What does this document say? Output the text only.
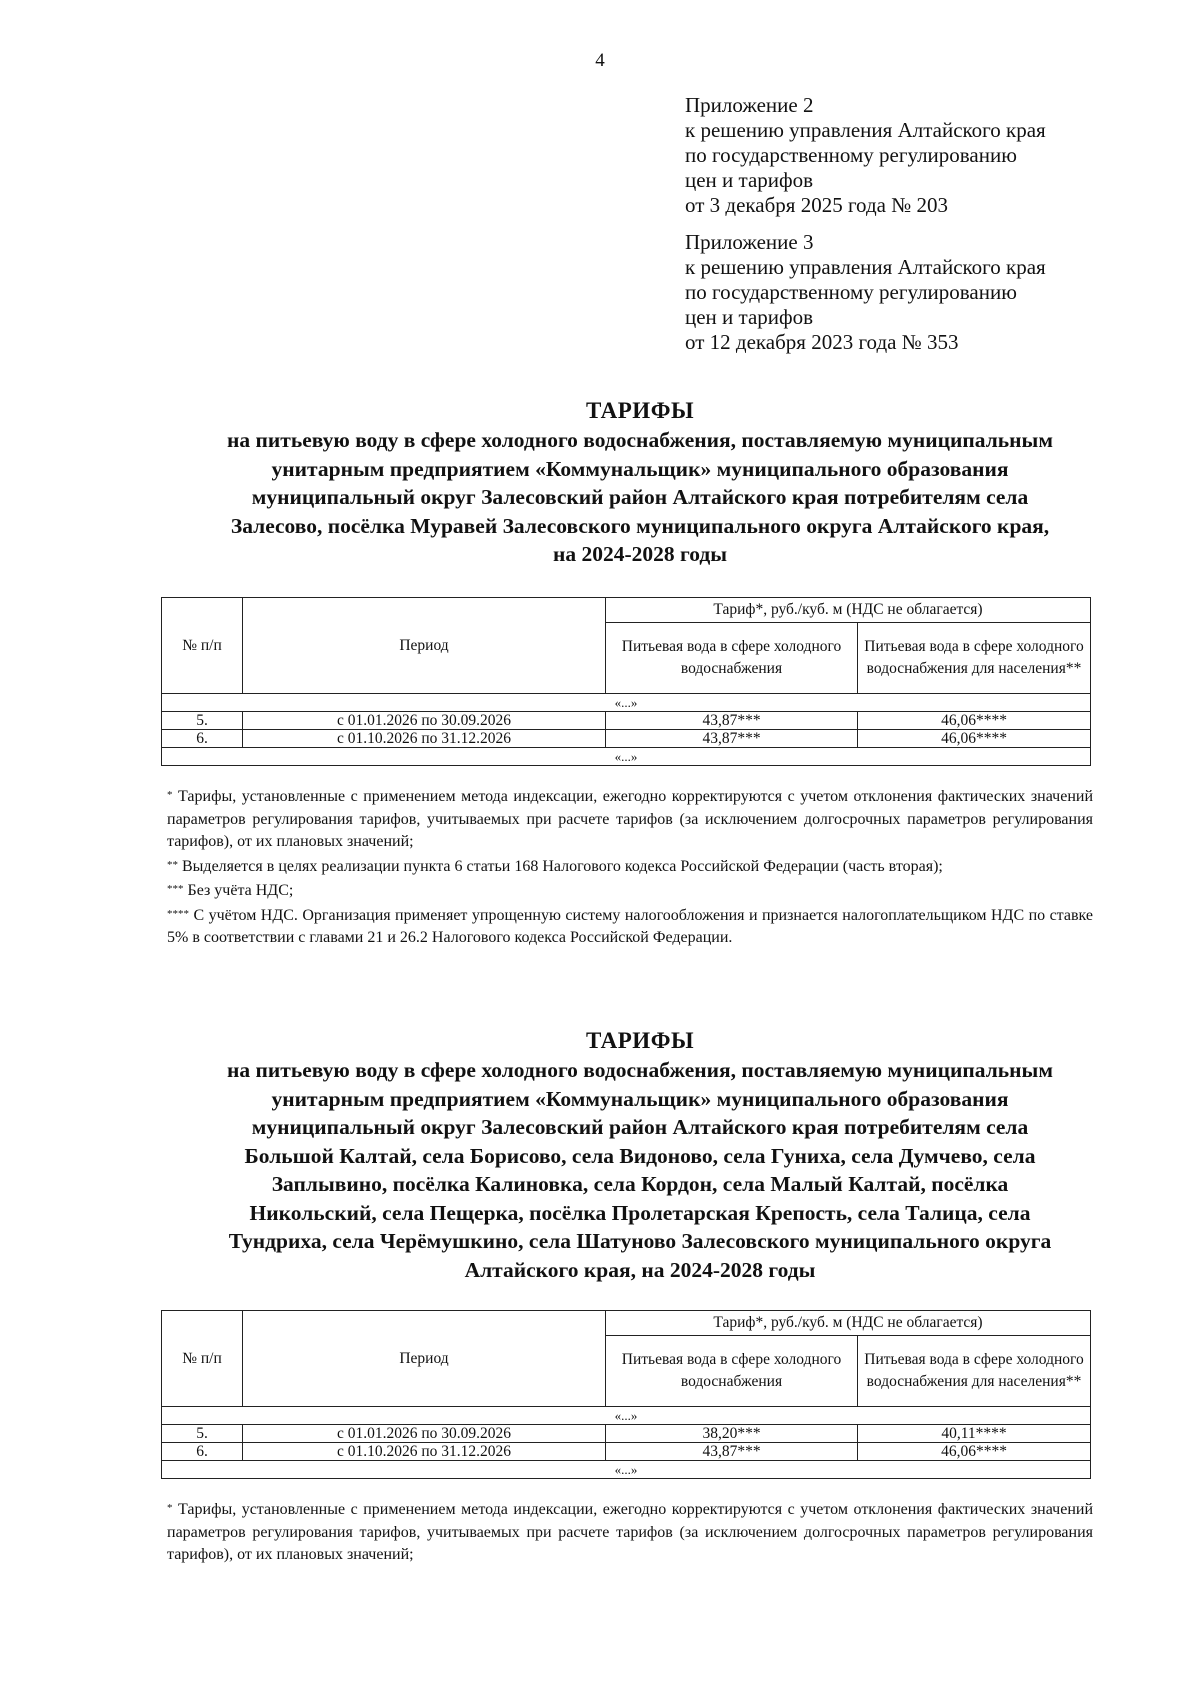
4
Приложение 2
к решению управления Алтайского края
по государственному регулированию
цен и тарифов
от 3 декабря 2025 года № 203
Приложение 3
к решению управления Алтайского края
по государственному регулированию
цен и тарифов
от 12 декабря 2023 года № 353
ТАРИФЫ
на питьевую воду в сфере холодного водоснабжения, поставляемую муниципальным
унитарным предприятием «Коммунальщик» муниципального образования
муниципальный округ Залесовский район Алтайского края потребителям села
Залесово, посёлка Муравей Залесовского муниципального округа Алтайского края,
на 2024-2028 годы
№ п/п	Период	Тариф*, руб./куб. м (НДС не облагается)	
		Питьевая вода в сфере холодного водоснабжения	Питьевая вода в сфере холодного водоснабжения для населения**
«...»			
5.	с 01.01.2026 по 30.09.2026	43,87***	46,06****
6.	с 01.10.2026 по 31.12.2026	43,87***	46,06****
«...»			

* Тарифы, установленные с применением метода индексации, ежегодно корректируются с учетом отклонения фактических значений параметров регулирования тарифов, учитываемых при расчете тарифов (за исключением долгосрочных параметров регулирования тарифов), от их плановых значений;

** Выделяется в целях реализации пункта 6 статьи 168 Налогового кодекса Российской Федерации (часть вторая);

*** Без учёта НДС;

**** С учётом НДС. Организация применяет упрощенную систему налогообложения и признается налогоплательщиком НДС по ставке 5% в соответствии с главами 21 и 26.2 Налогового кодекса Российской Федерации.

ТАРИФЫ
на питьевую воду в сфере холодного водоснабжения, поставляемую муниципальным
унитарным предприятием «Коммунальщик» муниципального образования
муниципальный округ Залесовский район Алтайского края потребителям села
Большой Калтай, села Борисово, села Видоново, села Гуниха, села Думчево, села
Заплывино, посёлка Калиновка, села Кордон, села Малый Калтай, посёлка
Никольский, села Пещерка, посёлка Пролетарская Крепость, села Талица, села
Тундриха, села Черёмушкино, села Шатуново Залесовского муниципального округа
Алтайского края, на 2024-2028 годы
№ п/п	Период	Тариф*, руб./куб. м (НДС не облагается)	
		Питьевая вода в сфере холодного водоснабжения	Питьевая вода в сфере холодного водоснабжения для населения**
«...»			
5.	с 01.01.2026 по 30.09.2026	38,20***	40,11****
6.	с 01.10.2026 по 31.12.2026	43,87***	46,06****
«...»			

* Тарифы, установленные с применением метода индексации, ежегодно корректируются с учетом отклонения фактических значений параметров регулирования тарифов, учитываемых при расчете тарифов (за исключением долгосрочных параметров регулирования тарифов), от их плановых значений;
